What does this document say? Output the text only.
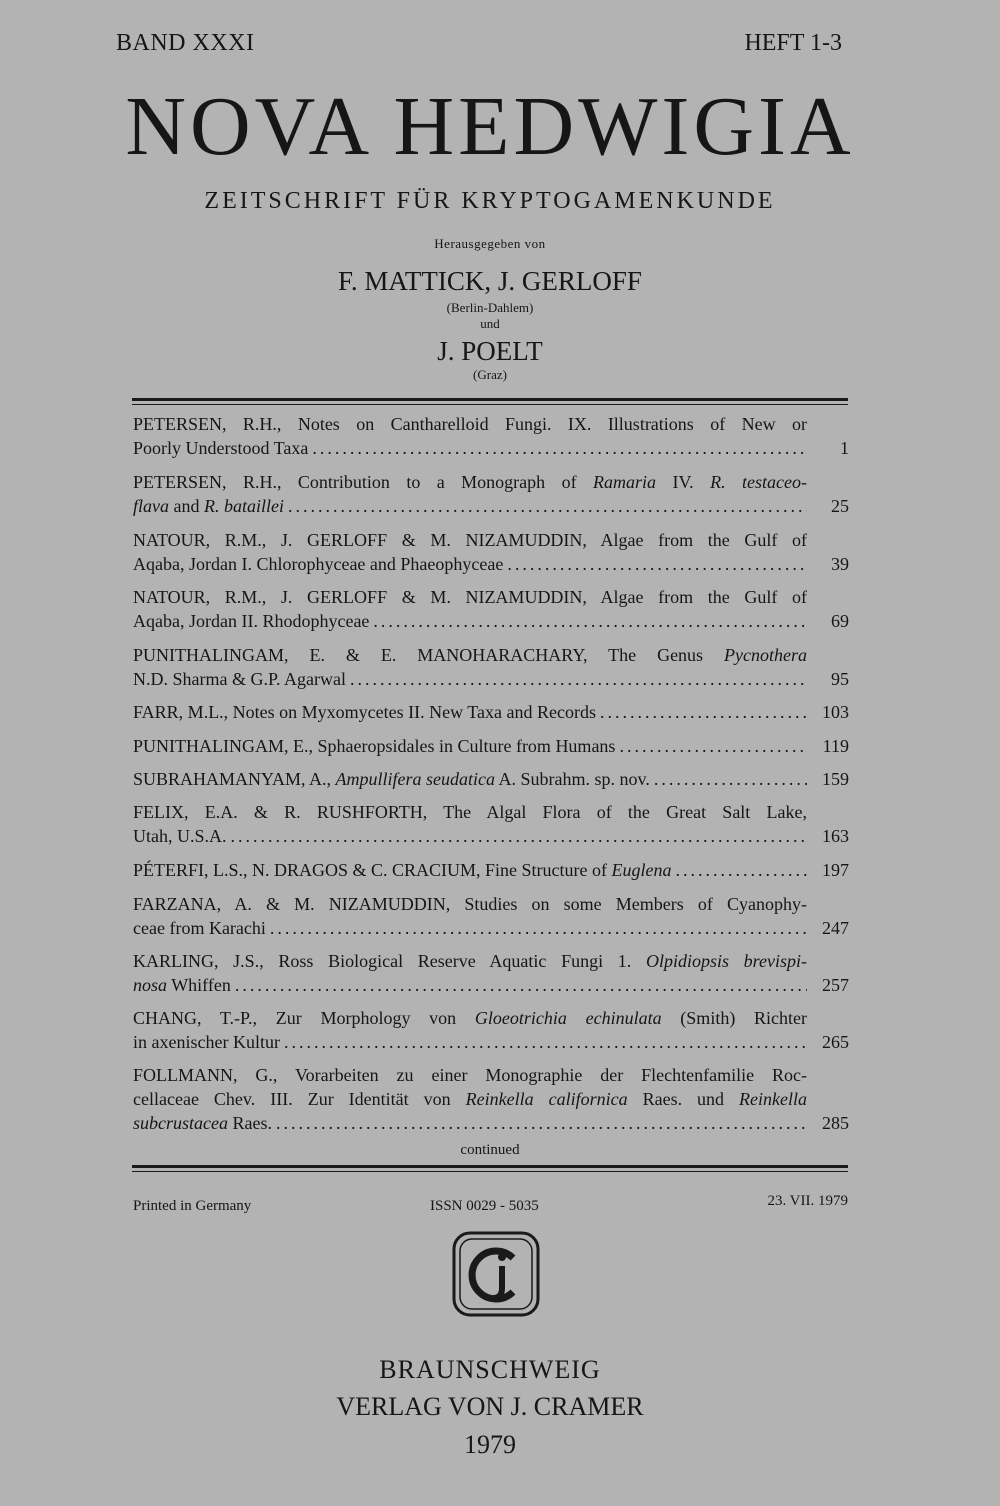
BAND XXXI	HEFT 1-3
NOVA HEDWIGIA
ZEITSCHRIFT FÜR KRYPTOGAMENKUNDE
Herausgegeben von
F. MATTICK, J. GERLOFF
(Berlin-Dahlem)
und
J. POELT
(Graz)
PETERSEN, R.H., Notes on Cantharelloid Fungi. IX. Illustrations of New or
Poorly Understood Taxa .....	1
PETERSEN, R.H., Contribution to a Monograph of Ramaria IV. R. testaceo-
flava and R. bataillei .....	25
NATOUR, R.M., J. GERLOFF & M. NIZAMUDDIN, Algae from the Gulf of
Aqaba, Jordan I. Chlorophyceae and Phaeophyceae .....	39
NATOUR, R.M., J. GERLOFF & M. NIZAMUDDIN, Algae from the Gulf of
Aqaba, Jordan II. Rhodophyceae .....	69
PUNITHALINGAM, E. & E. MANOHARACHARY, The Genus Pycnothera
N.D. Sharma & G.P. Agarwal .....	95
FARR, M.L., Notes on Myxomycetes II. New Taxa and Records .....	103
PUNITHALINGAM, E., Sphaeropsidales in Culture from Humans .....	119
SUBRAHAMANYAM, A., Ampullifera seudatica A. Subrahm. sp. nov. .....	159
FELIX, E.A. & R. RUSHFORTH, The Algal Flora of the Great Salt Lake,
Utah, U.S.A. .....	163
PÉTERFI, L.S., N. DRAGOS & C. CRACIUM, Fine Structure of Euglena .....	197
FARZANA, A. & M. NIZAMUDDIN, Studies on some Members of Cyanophy-
ceae from Karachi .....	247
KARLING, J.S., Ross Biological Reserve Aquatic Fungi 1. Olpidiopsis brevispi-
nosa Whiffen .....	257
CHANG, T.-P., Zur Morphology von Gloeotrichia echinulata (Smith) Richter
in axenischer Kultur .....	265
FOLLMANN, G., Vorarbeiten zu einer Monographie der Flechtenfamilie Roc-
cellaceae Chev. III. Zur Identität von Reinkella californica Raes. und Reinkella
subcrustacea Raes. .....	285
continued
Printed in Germany	ISSN 0029 - 5035	23. VII. 1979
BRAUNSCHWEIG
VERLAG VON J. CRAMER
1979
